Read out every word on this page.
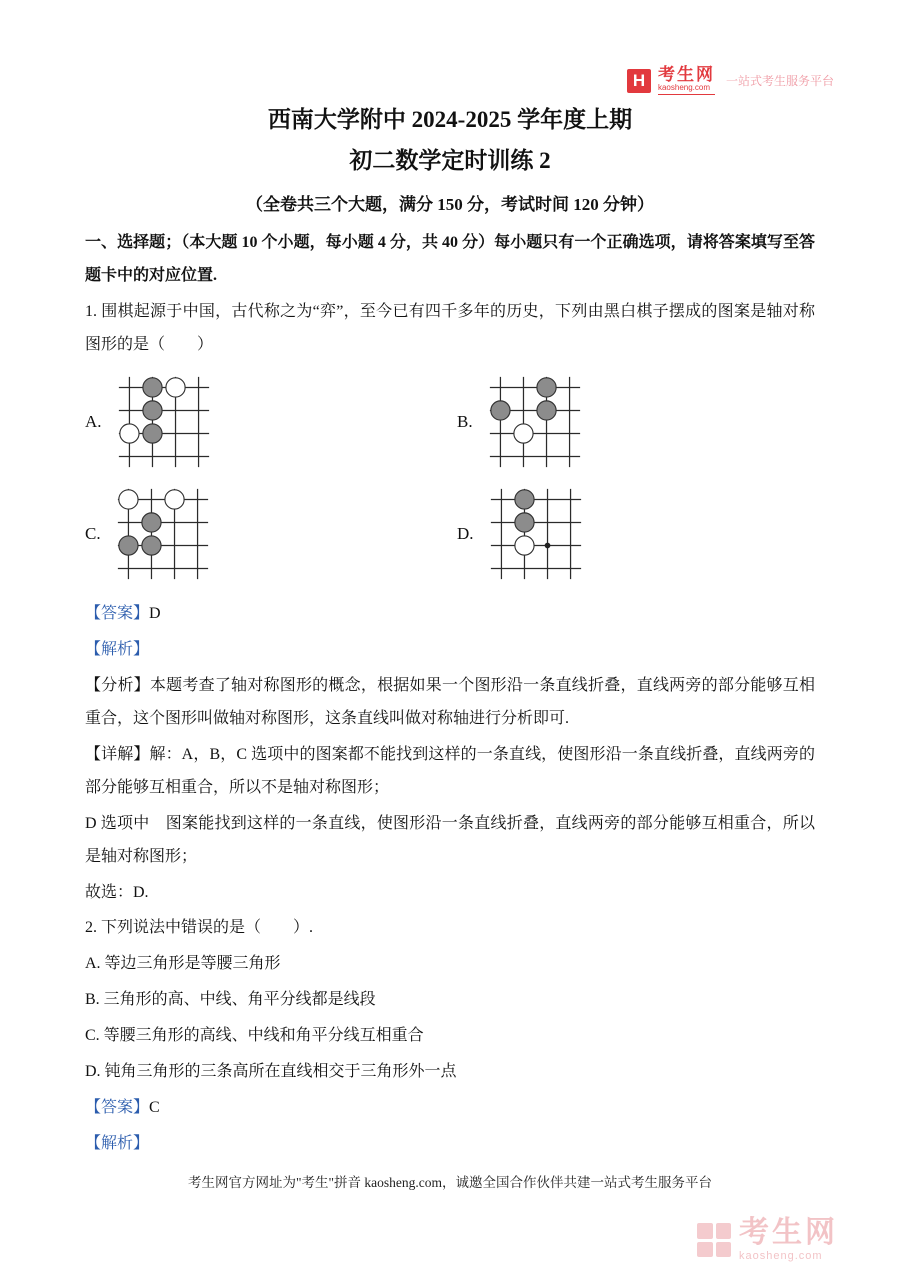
H 考生网
kaosheng.com	一站式考生服务平台
西南大学附中 2024-2025 学年度上期
初二数学定时训练 2

（全卷共三个大题，满分 150 分，考试时间 120 分钟）

一、选择题；（本大题 10 个小题，每小题 4 分，共 40 分）每小题只有一个正确选项，请将答案填写至答题卡中的对应位置.

1. 围棋起源于中国，古代称之为“弈”，至今已有四千多年的历史，下列由黑白棋子摆成的图案是轴对称图形的是（　　）

A.	B.
C.	D.

【答案】D

【解析】

【分析】本题考查了轴对称图形的概念，根据如果一个图形沿一条直线折叠，直线两旁的部分能够互相重合，这个图形叫做轴对称图形，这条直线叫做对称轴进行分析即可.

【详解】解：A，B，C 选项中的图案都不能找到这样的一条直线，使图形沿一条直线折叠，直线两旁的部分能够互相重合，所以不是轴对称图形；

D 选项中　图案能找到这样的一条直线，使图形沿一条直线折叠，直线两旁的部分能够互相重合，所以是轴对称图形；

故选：D.

2. 下列说法中错误的是（　　）.

A. 等边三角形是等腰三角形

B. 三角形的高、中线、角平分线都是线段

C. 等腰三角形的高线、中线和角平分线互相重合

D. 钝角三角形的三条高所在直线相交于三角形外一点

【答案】C

【解析】

考生网官方网址为"考生"拼音 kaosheng.com，诚邀全国合作伙伴共建一站式考生服务平台

考生网
kaosheng.com
